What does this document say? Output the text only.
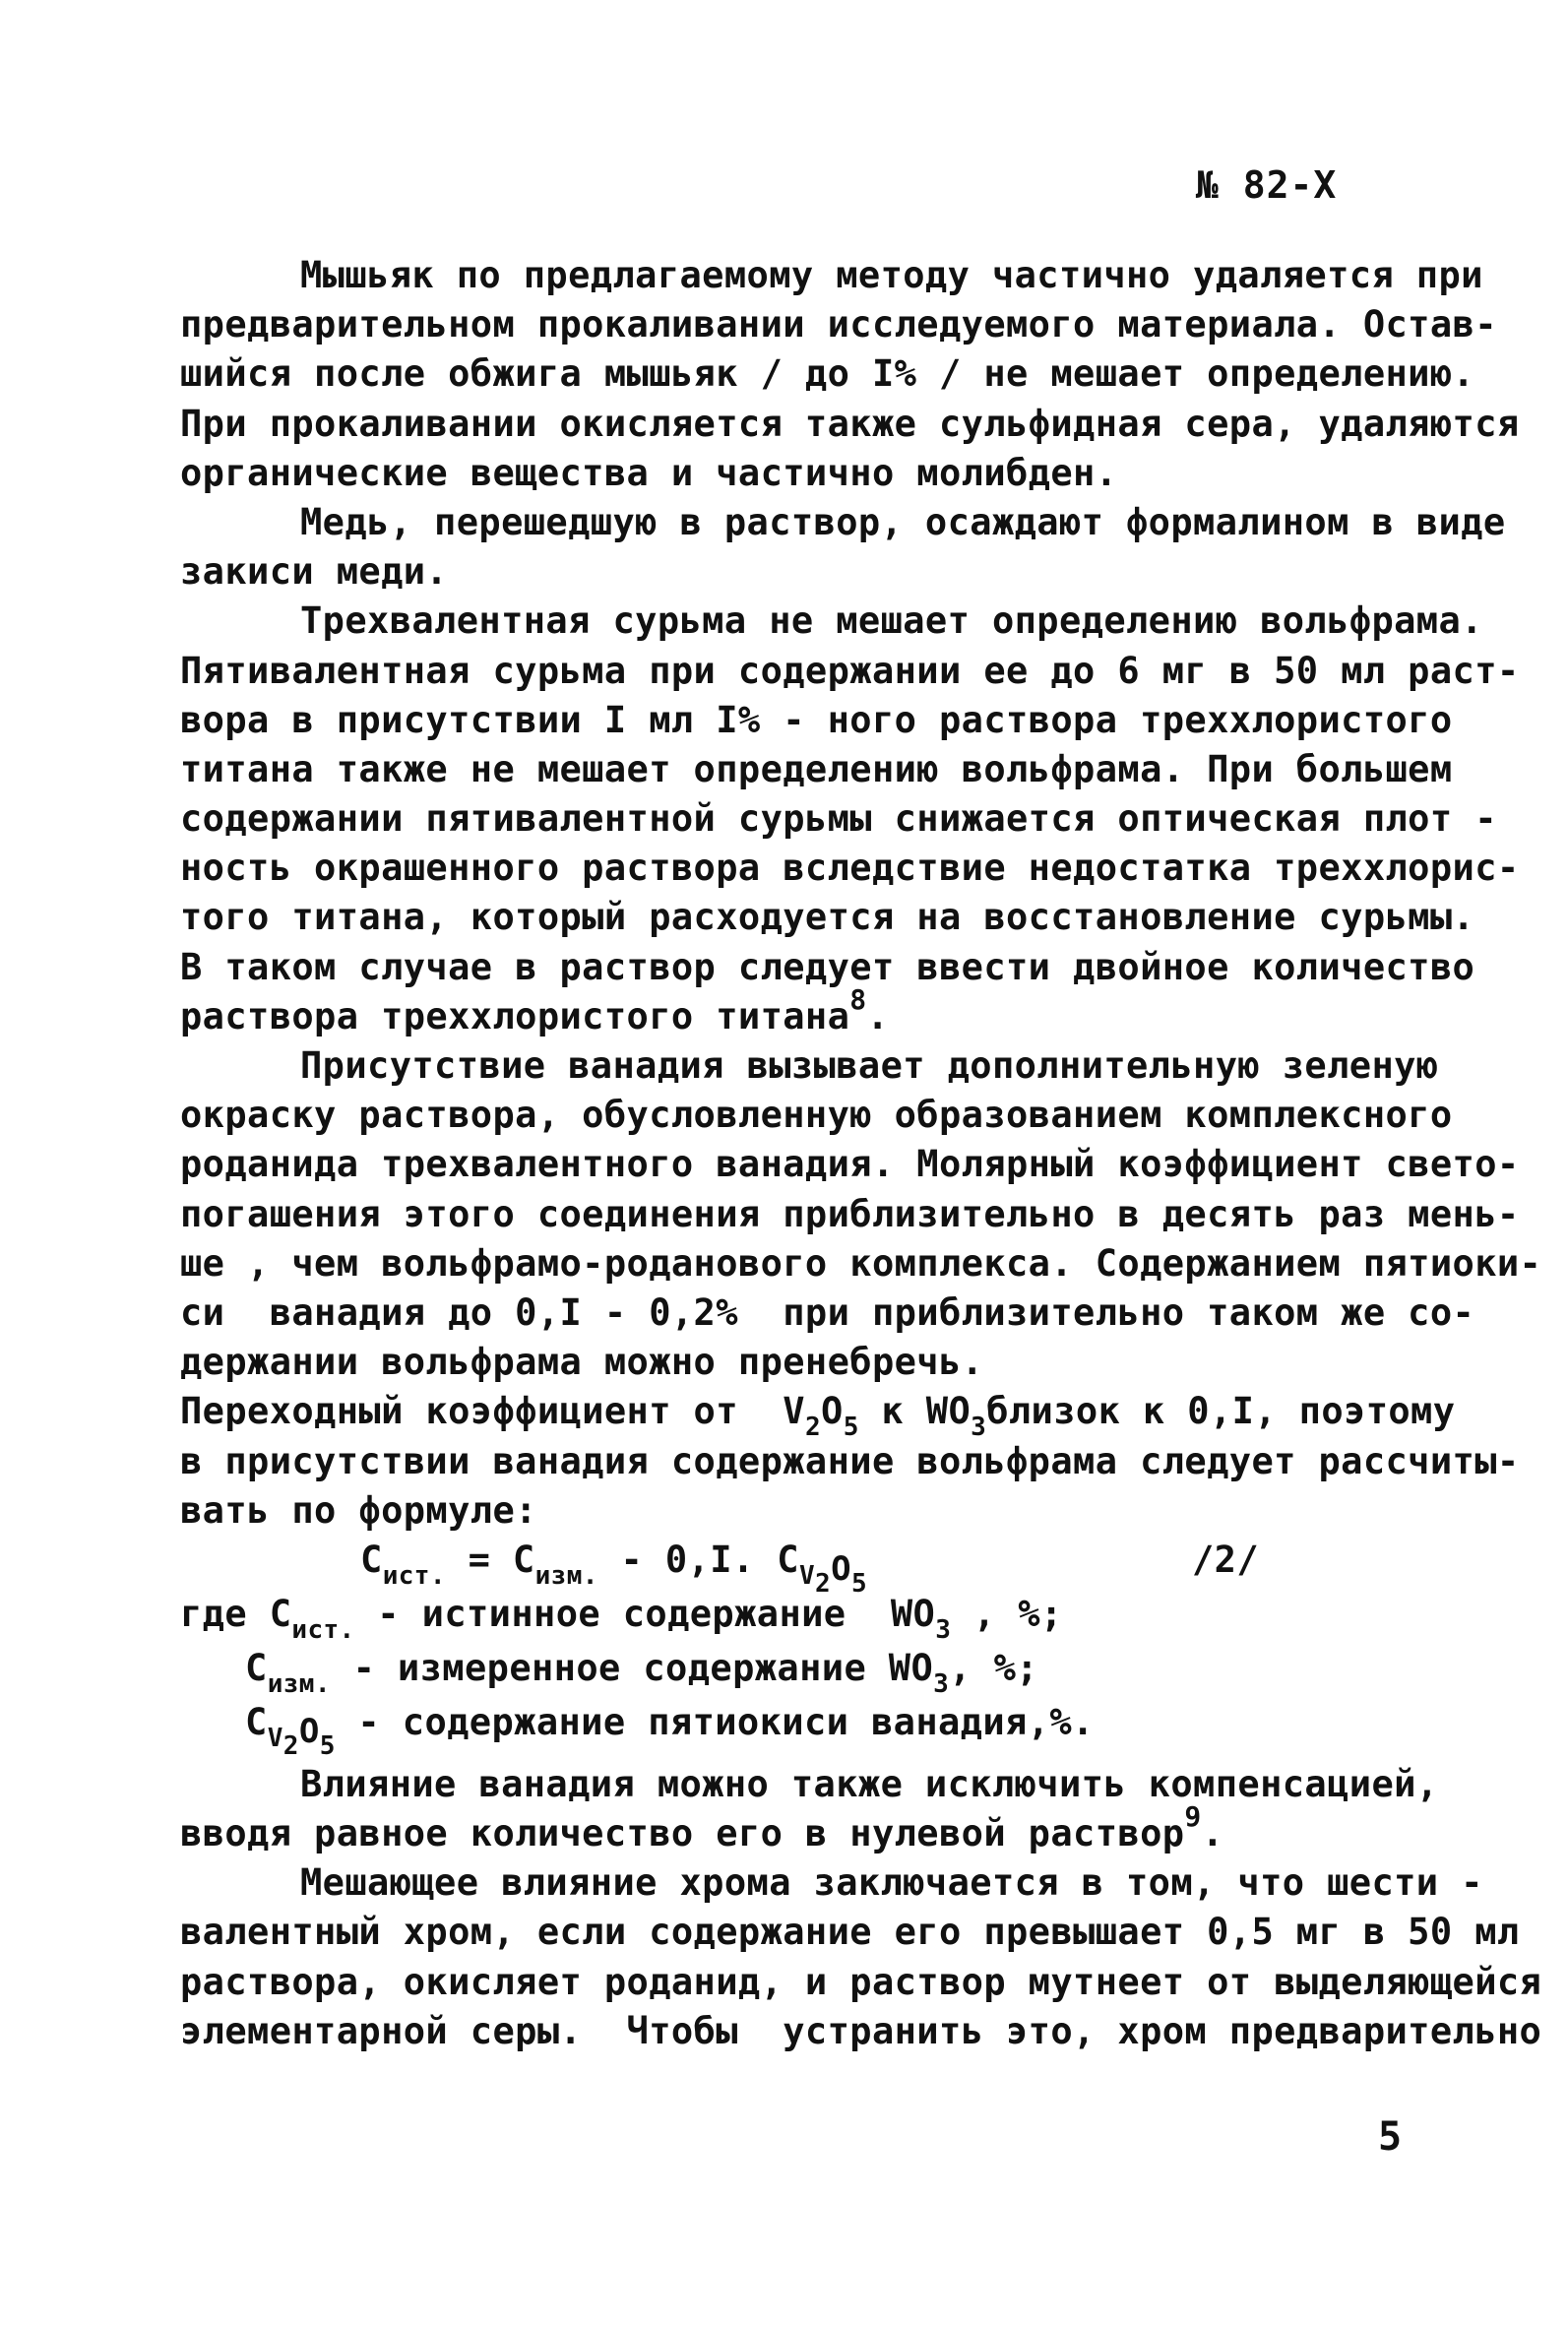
№ 82-X
Мышьяк по предлагаемому методу частично удаляется при
предварительном прокаливании исследуемого материала. Остав-
шийся после обжига мышьяк / до I% / не мешает определению.
При прокаливании окисляется также сульфидная сера, удаляются
органические вещества и частично молибден.
Медь, перешедшую в раствор, осаждают формалином в виде
закиси меди.
Трехвалентная сурьма не мешает определению вольфрама.
Пятивалентная сурьма при содержании ее до 6 мг в 50 мл раст-
вора в присутствии I мл I% - ного раствора треххлористого
титана также не мешает определению вольфрама. При большем
содержании пятивалентной сурьмы снижается оптическая плот -
ность окрашенного раствора вследствие недостатка треххлорис-
того титана, который расходуется на восстановление сурьмы.
В таком случае в раствор следует ввести двойное количество
раствора треххлористого титана$^8$.
Присутствие ванадия вызывает дополнительную зеленую
окраску раствора, обусловленную образованием комплексного
роданида трехвалентного ванадия. Молярный коэффициент свето-
погашения этого соединения приблизительно в десять раз мень-
ше , чем вольфрамо-роданового комплекса. Содержанием пятиоки-
си  ванадия до 0,I - 0,2%  при приблизительно таком же со-
держании вольфрама можно пренебречь.
Переходный коэффициент от  $V_2O_5$ к $WO_3близок$ к 0,I, поэтому
в присутствии ванадия содержание вольфрама следует рассчиты-
вать по формуле:
$C_{ист.} = C_{изм.} - 0,I$. $C_{V2}O_5$
/2/
где $C_{ист.}$ - истинное содержание  $WO_3$ , %;
$C_{изм.}$ - измеренное содержание $WO_3$, %;
$C_{V2}O_5$ - содержание пятиокиси ванадия,%.
Влияние ванадия можно также исключить компенсацией,
вводя равное количество его в нулевой раствор$^9$.
Мешающее влияние хрома заключается в том, что шести -
валентный хром, если содержание его превышает 0,5 мг в 50 мл
раствора, окисляет роданид, и раствор мутнеет от выделяющейся
элементарной серы.  Чтобы  устранить это, хром предварительно
5
